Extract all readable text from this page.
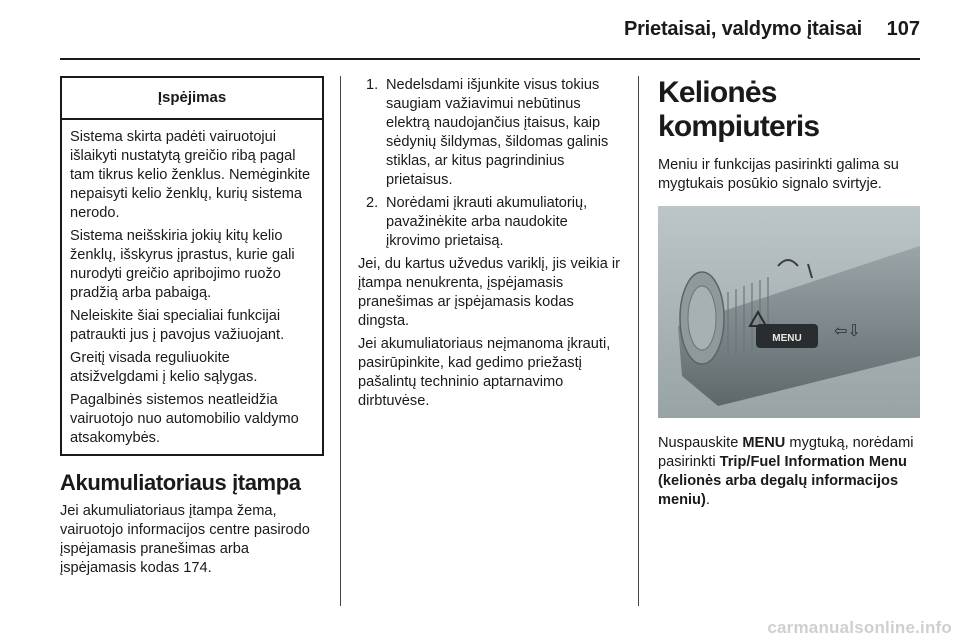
Prietaisai, valdymo įtaisai	107
Įspėjimas

Sistema skirta padėti vairuotojui išlaikyti nustatytą greičio ribą pagal tam tikrus kelio ženklus. Nemėginkite nepaisyti kelio ženklų, kurių sistema nerodo.

Sistema neišskiria jokių kitų kelio ženklų, išskyrus įprastus, kurie gali nurodyti greičio apribojimo ruožo pradžią arba pabaigą.

Neleiskite šiai specialiai funkcijai patraukti jus į pavojus važiuojant.

Greitį visada reguliuokite atsižvelgdami į kelio sąlygas.

Pagalbinės sistemos neatleidžia vairuotojo nuo automobilio valdymo atsakomybės.

Akumuliatoriaus įtampa

Jei akumuliatoriaus įtampa žema, vairuotojo informacijos centre pasirodo įspėjamasis pranešimas arba įspėjamasis kodas 174.

1. Nedelsdami išjunkite visus tokius saugiam važiavimui nebūtinus elektrą naudojančius įtaisus, kaip sėdynių šildymas, šildomas galinis stiklas, ar kitus pagrindinius prietaisus.
2. Norėdami įkrauti akumuliatorių, pavažinėkite arba naudokite įkrovimo prietaisą.

Jei, du kartus užvedus variklį, jis veikia ir įtampa nenukrenta, įspėjamasis pranešimas ar įspėjamasis kodas dingsta.

Jei akumuliatoriaus neįmanoma įkrauti, pasirūpinkite, kad gedimo priežastį pašalintų techninio aptarnavimo dirbtuvėse.

Kelionės kompiuteris

Meniu ir funkcijas pasirinkti galima su mygtukais posūkio signalo svirtyje.

MENU ⇦⇩

Nuspauskite MENU mygtuką, norėdami pasirinkti Trip/Fuel Information Menu (kelionės arba degalų informacijos meniu).

carmanualsonline.info
